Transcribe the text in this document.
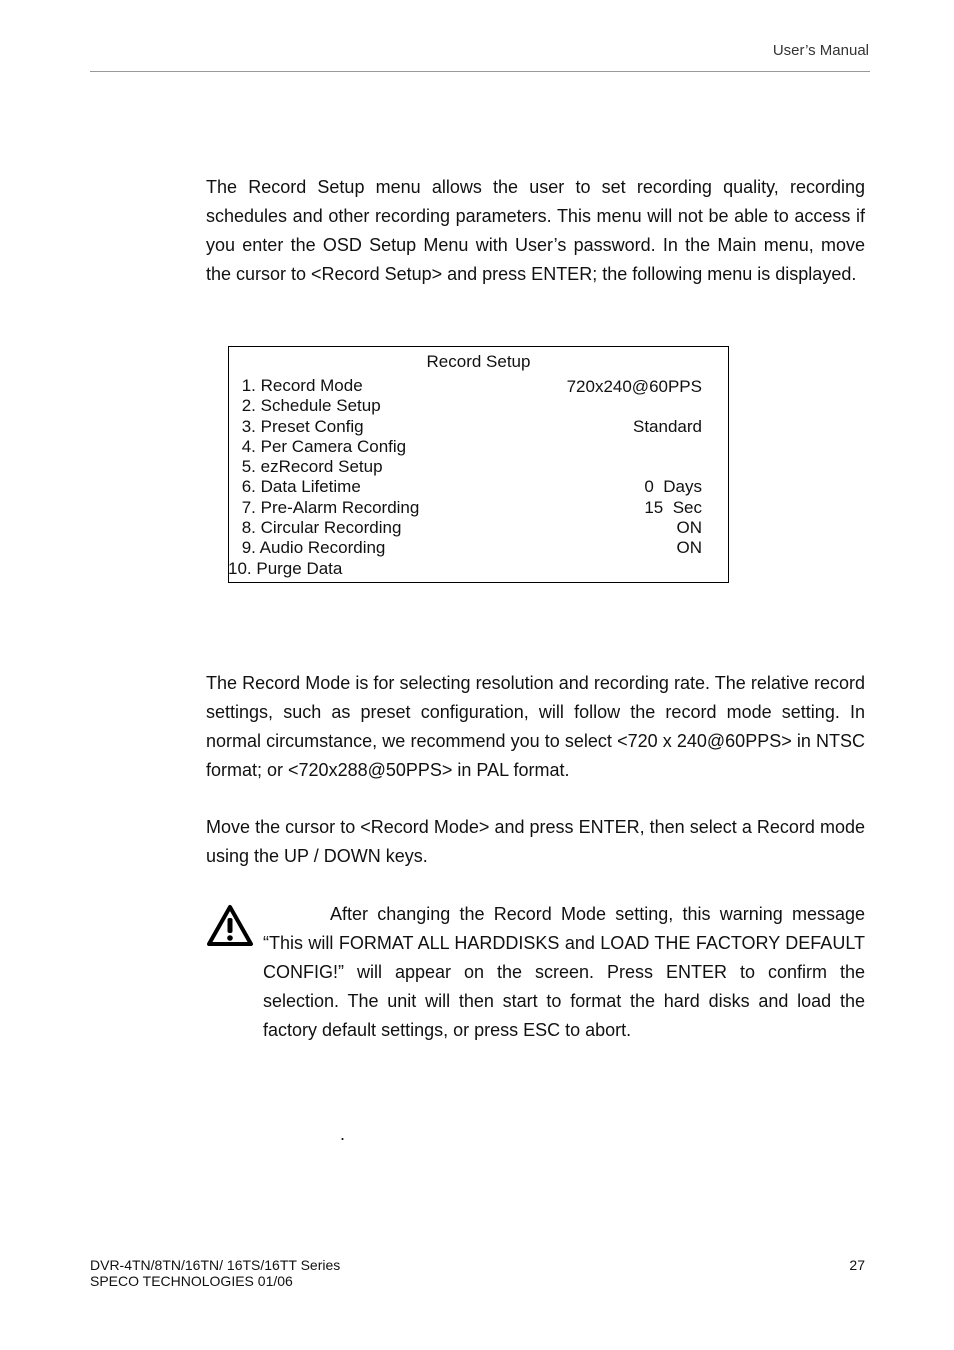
User’s Manual

The Record Setup menu allows the user to set recording quality, recording schedules and other recording parameters. This menu will not be able to access if you enter the OSD Setup Menu with User’s password. In the Main menu, move the cursor to <Record Setup> and press ENTER; the following menu is displayed.

Record Setup
1. Record Mode
2. Schedule Setup
3. Preset Config
4. Per Camera Config
5. ezRecord Setup
6. Data Lifetime
7. Pre-Alarm Recording
8. Circular Recording
9. Audio Recording
10. Purge Data
720x240@60PPS
Standard
0  Days
15  Sec
ON
ON

The Record Mode is for selecting resolution and recording rate. The relative record settings, such as preset configuration, will follow the record mode setting. In normal circumstance, we recommend you to select <720 x 240@60PPS> in NTSC format; or <720x288@50PPS> in PAL format.

Move the cursor to <Record Mode> and press ENTER, then select a Record mode using the UP / DOWN keys.

After changing the Record Mode setting, this warning message “This will FORMAT ALL HARDDISKS and LOAD THE FACTORY DEFAULT CONFIG!” will appear on the screen. Press ENTER to confirm the selection. The unit will then start to format the hard disks and load the factory default settings, or press ESC to abort.

.
DVR-4TN/8TN/16TN/ 16TS/16TT Series
SPECO TECHNOLOGIES 01/06
27
